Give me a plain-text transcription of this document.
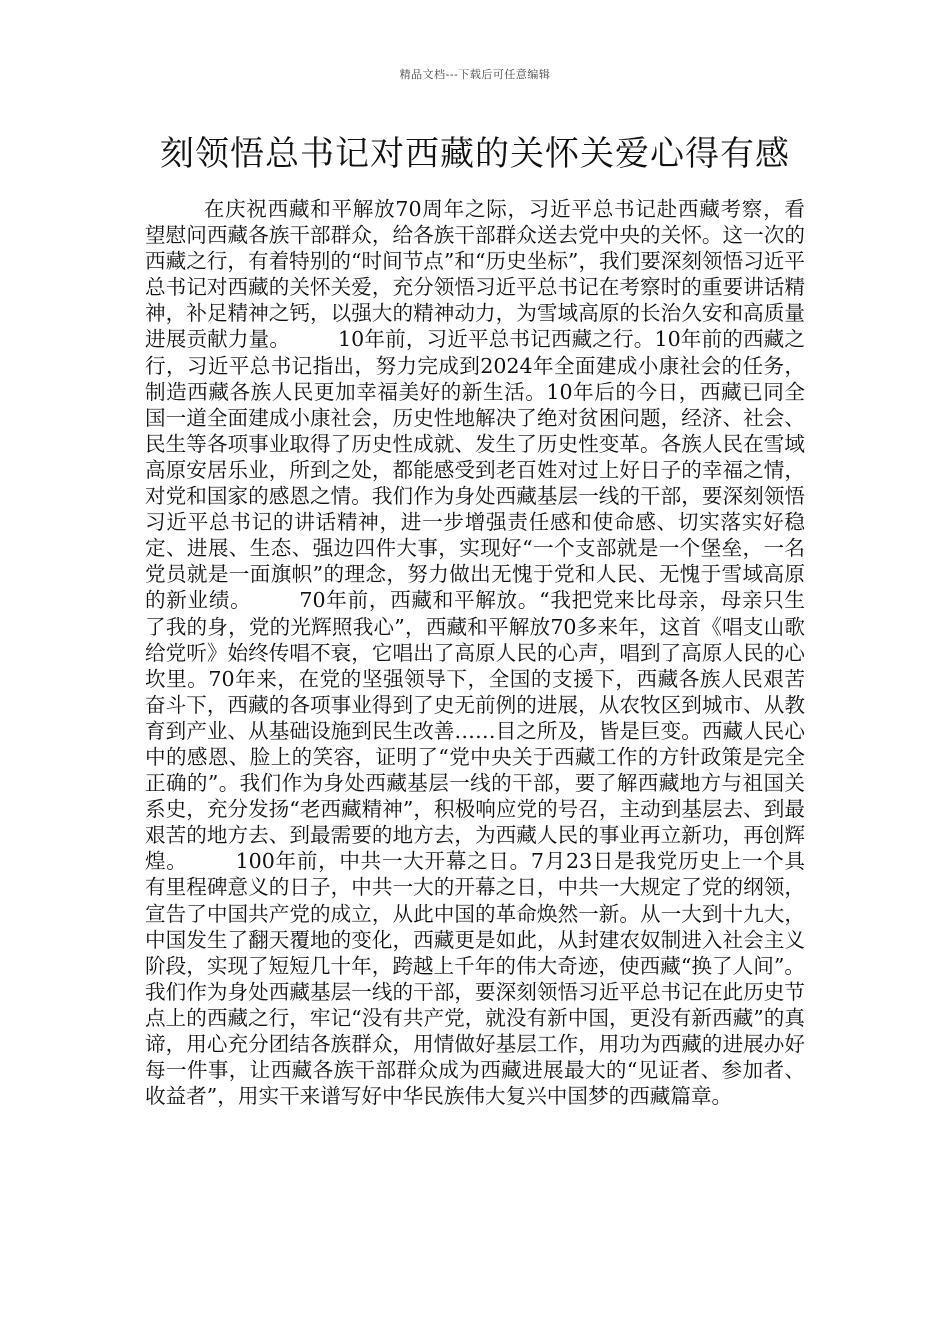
精品文档---下载后可任意编辑
刻领悟总书记对西藏的关怀关爱心得有感

在庆祝西藏和平解放70周年之际，习近平总书记赴西藏考察，看望慰问西藏各族干部群众，给各族干部群众送去党中央的关怀。这一次的西藏之行，有着特别的“时间节点”和“历史坐标”，我们要深刻领悟习近平总书记对西藏的关怀关爱，充分领悟习近平总书记在考察时的重要讲话精神，补足精神之钙，以强大的精神动力，为雪域高原的长治久安和高质量进展贡献力量。 10年前，习近平总书记西藏之行。10年前的西藏之行，习近平总书记指出，努力完成到2024年全面建成小康社会的任务，制造西藏各族人民更加幸福美好的新生活。10年后的今日，西藏已同全国一道全面建成小康社会，历史性地解决了绝对贫困问题，经济、社会、民生等各项事业取得了历史性成就、发生了历史性变革。各族人民在雪域高原安居乐业，所到之处，都能感受到老百姓对过上好日子的幸福之情，对党和国家的感恩之情。我们作为身处西藏基层一线的干部，要深刻领悟习近平总书记的讲话精神，进一步增强责任感和使命感、切实落实好稳定、进展、生态、强边四件大事，实现好“一个支部就是一个堡垒，一名党员就是一面旗帜”的理念，努力做出无愧于党和人民、无愧于雪域高原的新业绩。 70年前，西藏和平解放。“我把党来比母亲，母亲只生了我的身，党的光辉照我心”，西藏和平解放70多来年，这首《唱支山歌给党听》始终传唱不衰，它唱出了高原人民的心声，唱到了高原人民的心坎里。70年来，在党的坚强领导下，全国的支援下，西藏各族人民艰苦奋斗下，西藏的各项事业得到了史无前例的进展，从农牧区到城市、从教育到产业、从基础设施到民生改善……目之所及，皆是巨变。西藏人民心中的感恩、脸上的笑容，证明了“党中央关于西藏工作的方针政策是完全正确的”。我们作为身处西藏基层一线的干部，要了解西藏地方与祖国关系史，充分发扬“老西藏精神”，积极响应党的号召，主动到基层去、到最艰苦的地方去、到最需要的地方去，为西藏人民的事业再立新功，再创辉煌。 100年前，中共一大开幕之日。7月23日是我党历史上一个具有里程碑意义的日子，中共一大的开幕之日，中共一大规定了党的纲领，宣告了中国共产党的成立，从此中国的革命焕然一新。从一大到十九大，中国发生了翻天覆地的变化，西藏更是如此，从封建农奴制进入社会主义阶段，实现了短短几十年，跨越上千年的伟大奇迹，使西藏“换了人间”。我们作为身处西藏基层一线的干部，要深刻领悟习近平总书记在此历史节点上的西藏之行，牢记“没有共产党，就没有新中国，更没有新西藏”的真谛，用心充分团结各族群众，用情做好基层工作，用功为西藏的进展办好每一件事，让西藏各族干部群众成为西藏进展最大的“见证者、参加者、收益者”，用实干来谱写好中华民族伟大复兴中国梦的西藏篇章。
